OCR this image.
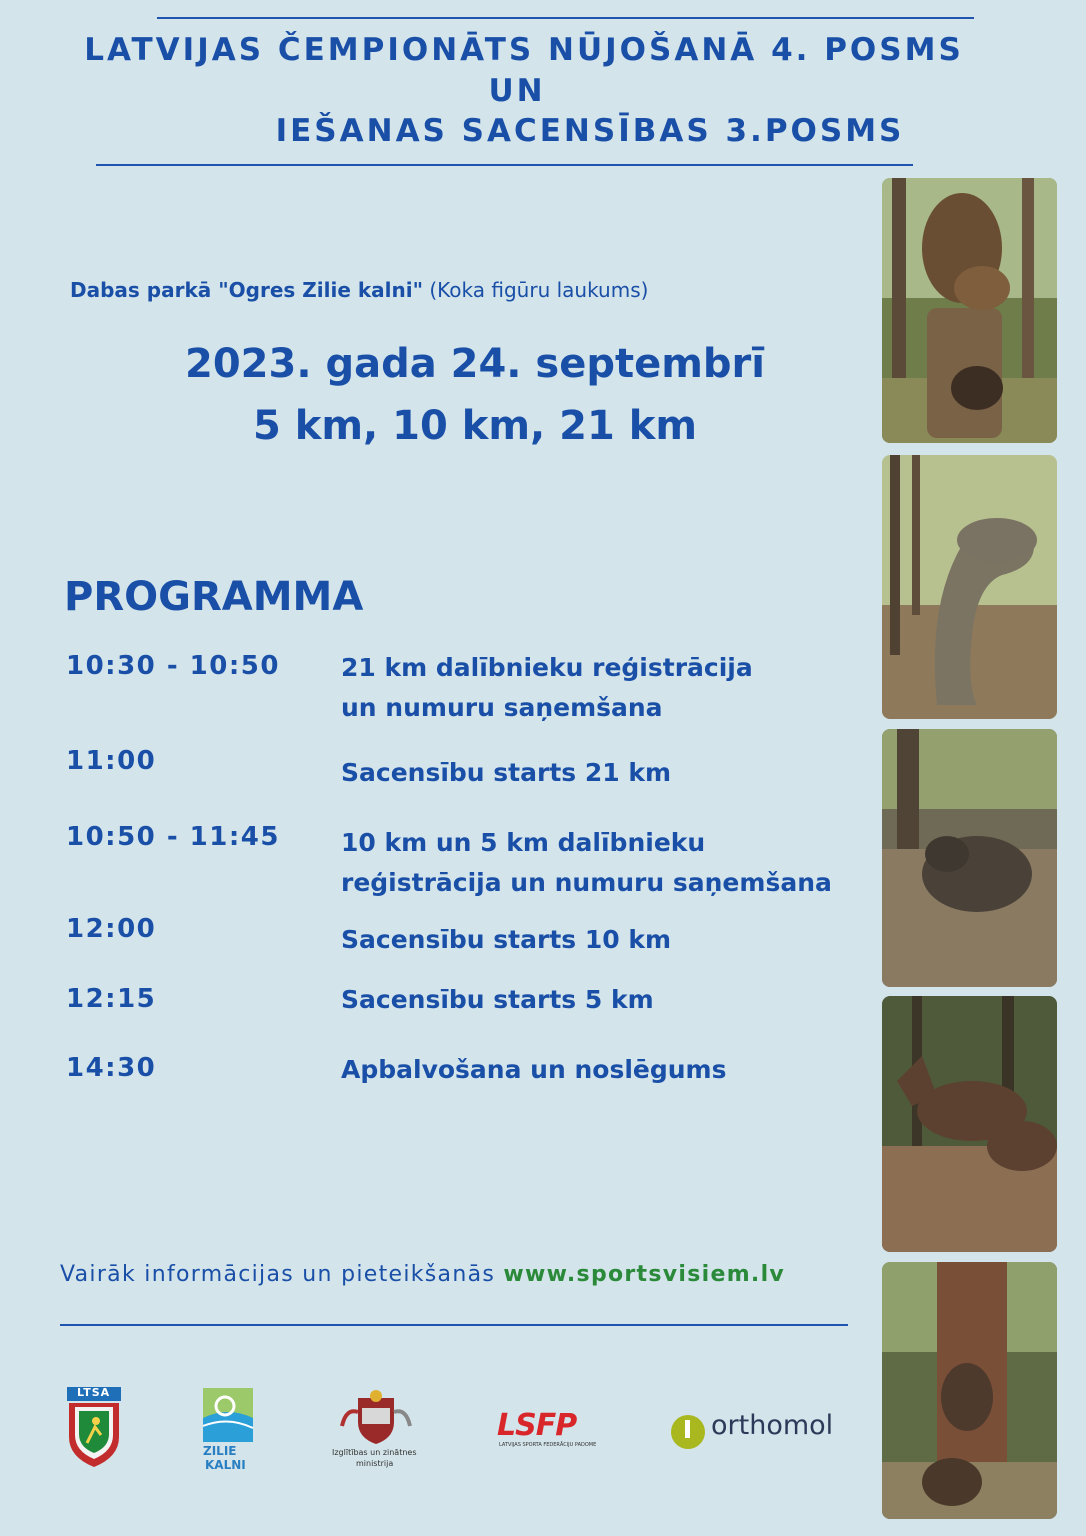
LATVIJAS ČEMPIONĀTS NŪJOŠANĀ 4. POSMS
UN
IEŠANAS SACENSĪBAS 3.POSMS
Dabas parkā "Ogres Zilie kalni" (Koka figūru laukums)
2023. gada 24. septembrī
5 km, 10 km, 21 km
PROGRAMMA
10:30 - 10:50 21 km dalībnieku reģistrācija
un numuru saņemšana
11:00	Sacensību starts 21 km
10:50 - 11:45 10 km un 5 km dalībnieku
reģistrācija un numuru saņemšana
12:00	Sacensību starts 10 km
12:15	Sacensību starts 5 km
14:30	Apbalvošana un noslēgums
Vairāk informācijas un pieteikšanās www.sportsvisiem.lv
LTSA
ZILIE
KALNI
Izglītības un zinātnes
ministrija
LSFP
LATVIJAS SPORTA FEDERĀCIJU PADOME
orthomol
